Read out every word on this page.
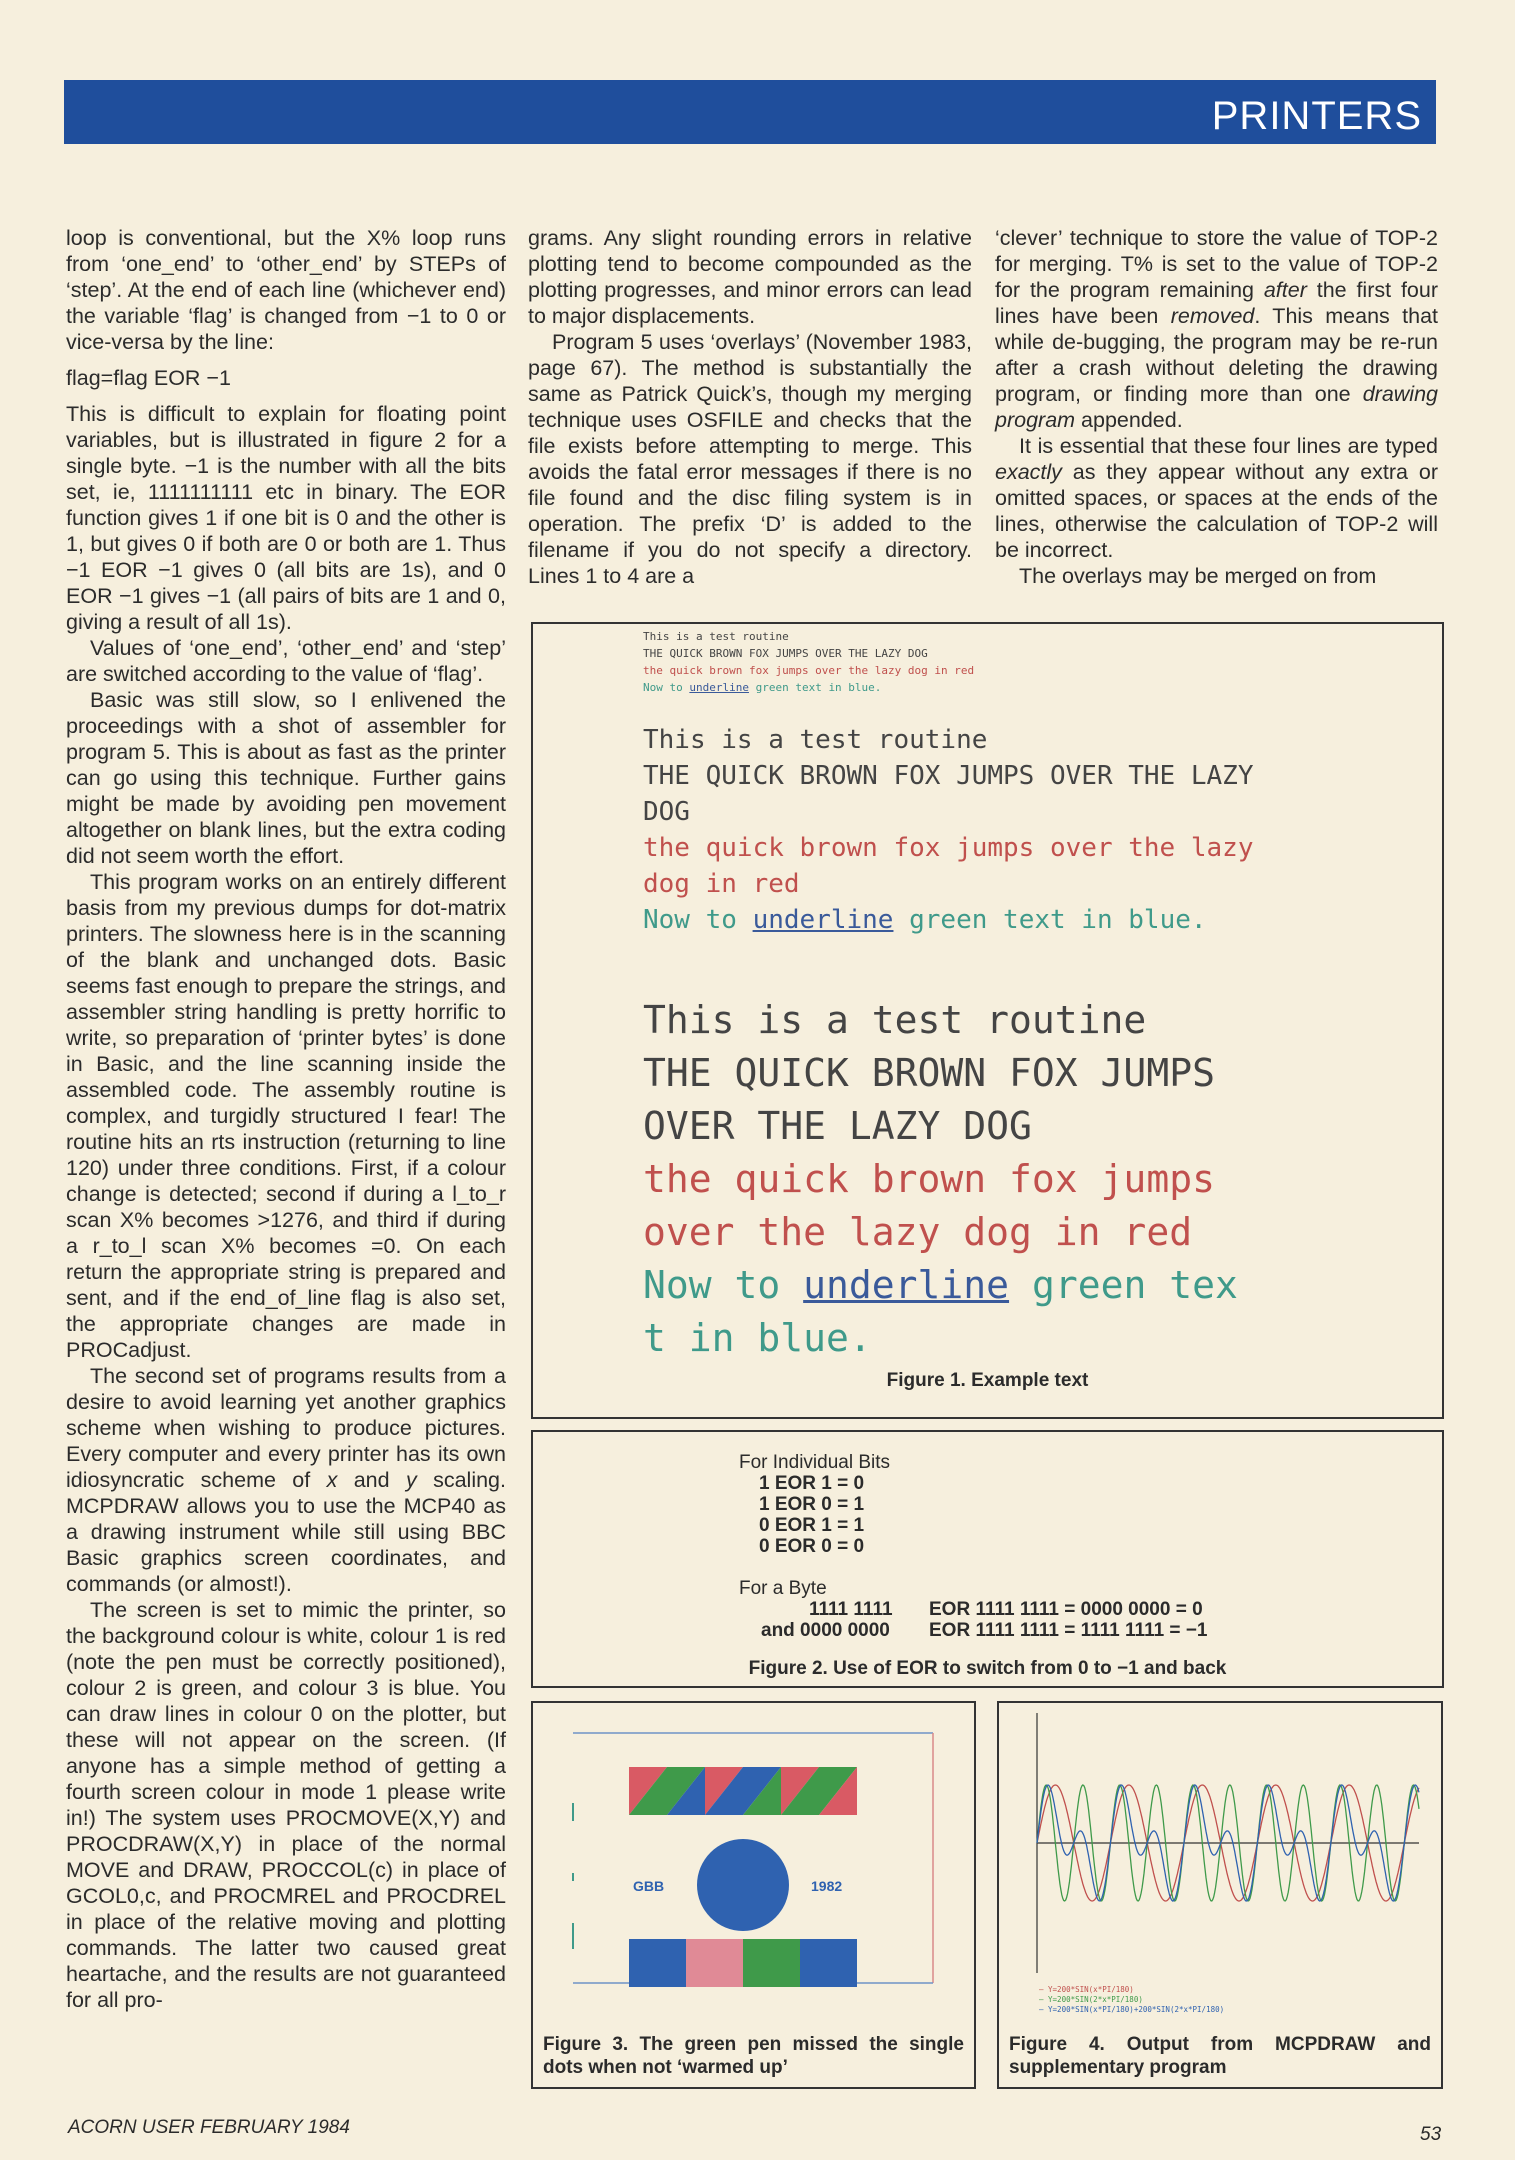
PRINTERS

loop is conventional, but the X% loop runs from ‘one_end’ to ‘other_end’ by STEPs of ‘step’. At the end of each line (whichever end) the variable ‘flag’ is changed from −1 to 0 or vice-versa by the line:

flag=flag EOR −1

This is difficult to explain for floating point variables, but is illustrated in figure 2 for a single byte. −1 is the number with all the bits set, ie, 1111111111 etc in binary. The EOR function gives 1 if one bit is 0 and the other is 1, but gives 0 if both are 0 or both are 1. Thus −1 EOR −1 gives 0 (all bits are 1s), and 0 EOR −1 gives −1 (all pairs of bits are 1 and 0, giving a result of all 1s).

Values of ‘one_end’, ‘other_end’ and ‘step’ are switched according to the value of ‘flag’.

Basic was still slow, so I enlivened the proceedings with a shot of assembler for program 5. This is about as fast as the printer can go using this technique. Further gains might be made by avoiding pen movement altogether on blank lines, but the extra coding did not seem worth the effort.

This program works on an entirely different basis from my previous dumps for dot-matrix printers. The slowness here is in the scanning of the blank and unchanged dots. Basic seems fast enough to prepare the strings, and assembler string handling is pretty horrific to write, so preparation of ‘printer bytes’ is done in Basic, and the line scanning inside the assembled code. The assembly routine is complex, and turgidly structured I fear! The routine hits an rts instruction (returning to line 120) under three conditions. First, if a colour change is detected; second if during a l_to_r scan X% becomes >1276, and third if during a r_to_l scan X% becomes =0. On each return the appropriate string is prepared and sent, and if the end_of_line flag is also set, the appropriate changes are made in PROCadjust.

The second set of programs results from a desire to avoid learning yet another graphics scheme when wishing to produce pictures. Every computer and every printer has its own idiosyncratic scheme of x and y scaling. MCPDRAW allows you to use the MCP40 as a drawing instrument while still using BBC Basic graphics screen coordinates, and commands (or almost!).

The screen is set to mimic the printer, so the background colour is white, colour 1 is red (note the pen must be correctly positioned), colour 2 is green, and colour 3 is blue. You can draw lines in colour 0 on the plotter, but these will not appear on the screen. (If anyone has a simple method of getting a fourth screen colour in mode 1 please write in!) The system uses PROCMOVE(X,Y) and PROCDRAW(X,Y) in place of the normal MOVE and DRAW, PROCCOL(c) in place of GCOL0,c, and PROCMREL and PROCDREL in place of the relative moving and plotting commands. The latter two caused great heartache, and the results are not guaranteed for all pro-

grams. Any slight rounding errors in relative plotting tend to become compounded as the plotting progresses, and minor errors can lead to major displacements.

Program 5 uses ‘overlays’ (November 1983, page 67). The method is substantially the same as Patrick Quick’s, though my merging technique uses OSFILE and checks that the file exists before attempting to merge. This avoids the fatal error messages if there is no file found and the disc filing system is in operation. The prefix ‘D’ is added to the filename if you do not specify a directory. Lines 1 to 4 are a

‘clever’ technique to store the value of TOP-2 for merging. T% is set to the value of TOP-2 for the program remaining after the first four lines have been removed. This means that while de-bugging, the program may be re-run after a crash without deleting the drawing program, or finding more than one drawing program appended.

It is essential that these four lines are typed exactly as they appear without any extra or omitted spaces, or spaces at the ends of the lines, otherwise the calculation of TOP-2 will be incorrect.

The overlays may be merged on from

This is a test routine
THE QUICK BROWN FOX JUMPS OVER THE LAZY DOG
the quick brown fox jumps over the lazy dog in red
Now to underline green text in blue.
This is a test routine
THE QUICK BROWN FOX JUMPS OVER THE LAZY
DOG
the quick brown fox jumps over the lazy
dog in red
Now to underline green text in blue.
This is a test routine
THE QUICK BROWN FOX JUMPS
OVER THE LAZY DOG
the quick brown fox jumps
over the lazy dog in red
Now to underline green tex
t in blue.
Figure 1. Example text
For Individual Bits
1 EOR 1 = 0
1 EOR 0 = 1
0 EOR 1 = 1
0 EOR 0 = 0
For a Byte
1111 1111 EOR 1111 1111 = 0000 0000 = 0
and 0000 0000 EOR 1111 1111 = 1111 1111 = −1
Figure 2. Use of EOR to switch from 0 to −1 and back
GBB	1982
Figure 3. The green pen missed the single dots when not ‘warmed up’
— Y=200*SIN(x*PI/180)
— Y=200*SIN(2*x*PI/180)
— Y=200*SIN(x*PI/180)+200*SIN(2*x*PI/180)
Figure 4. Output from MCPDRAW and supplementary program
ACORN USER FEBRUARY 1984	53
